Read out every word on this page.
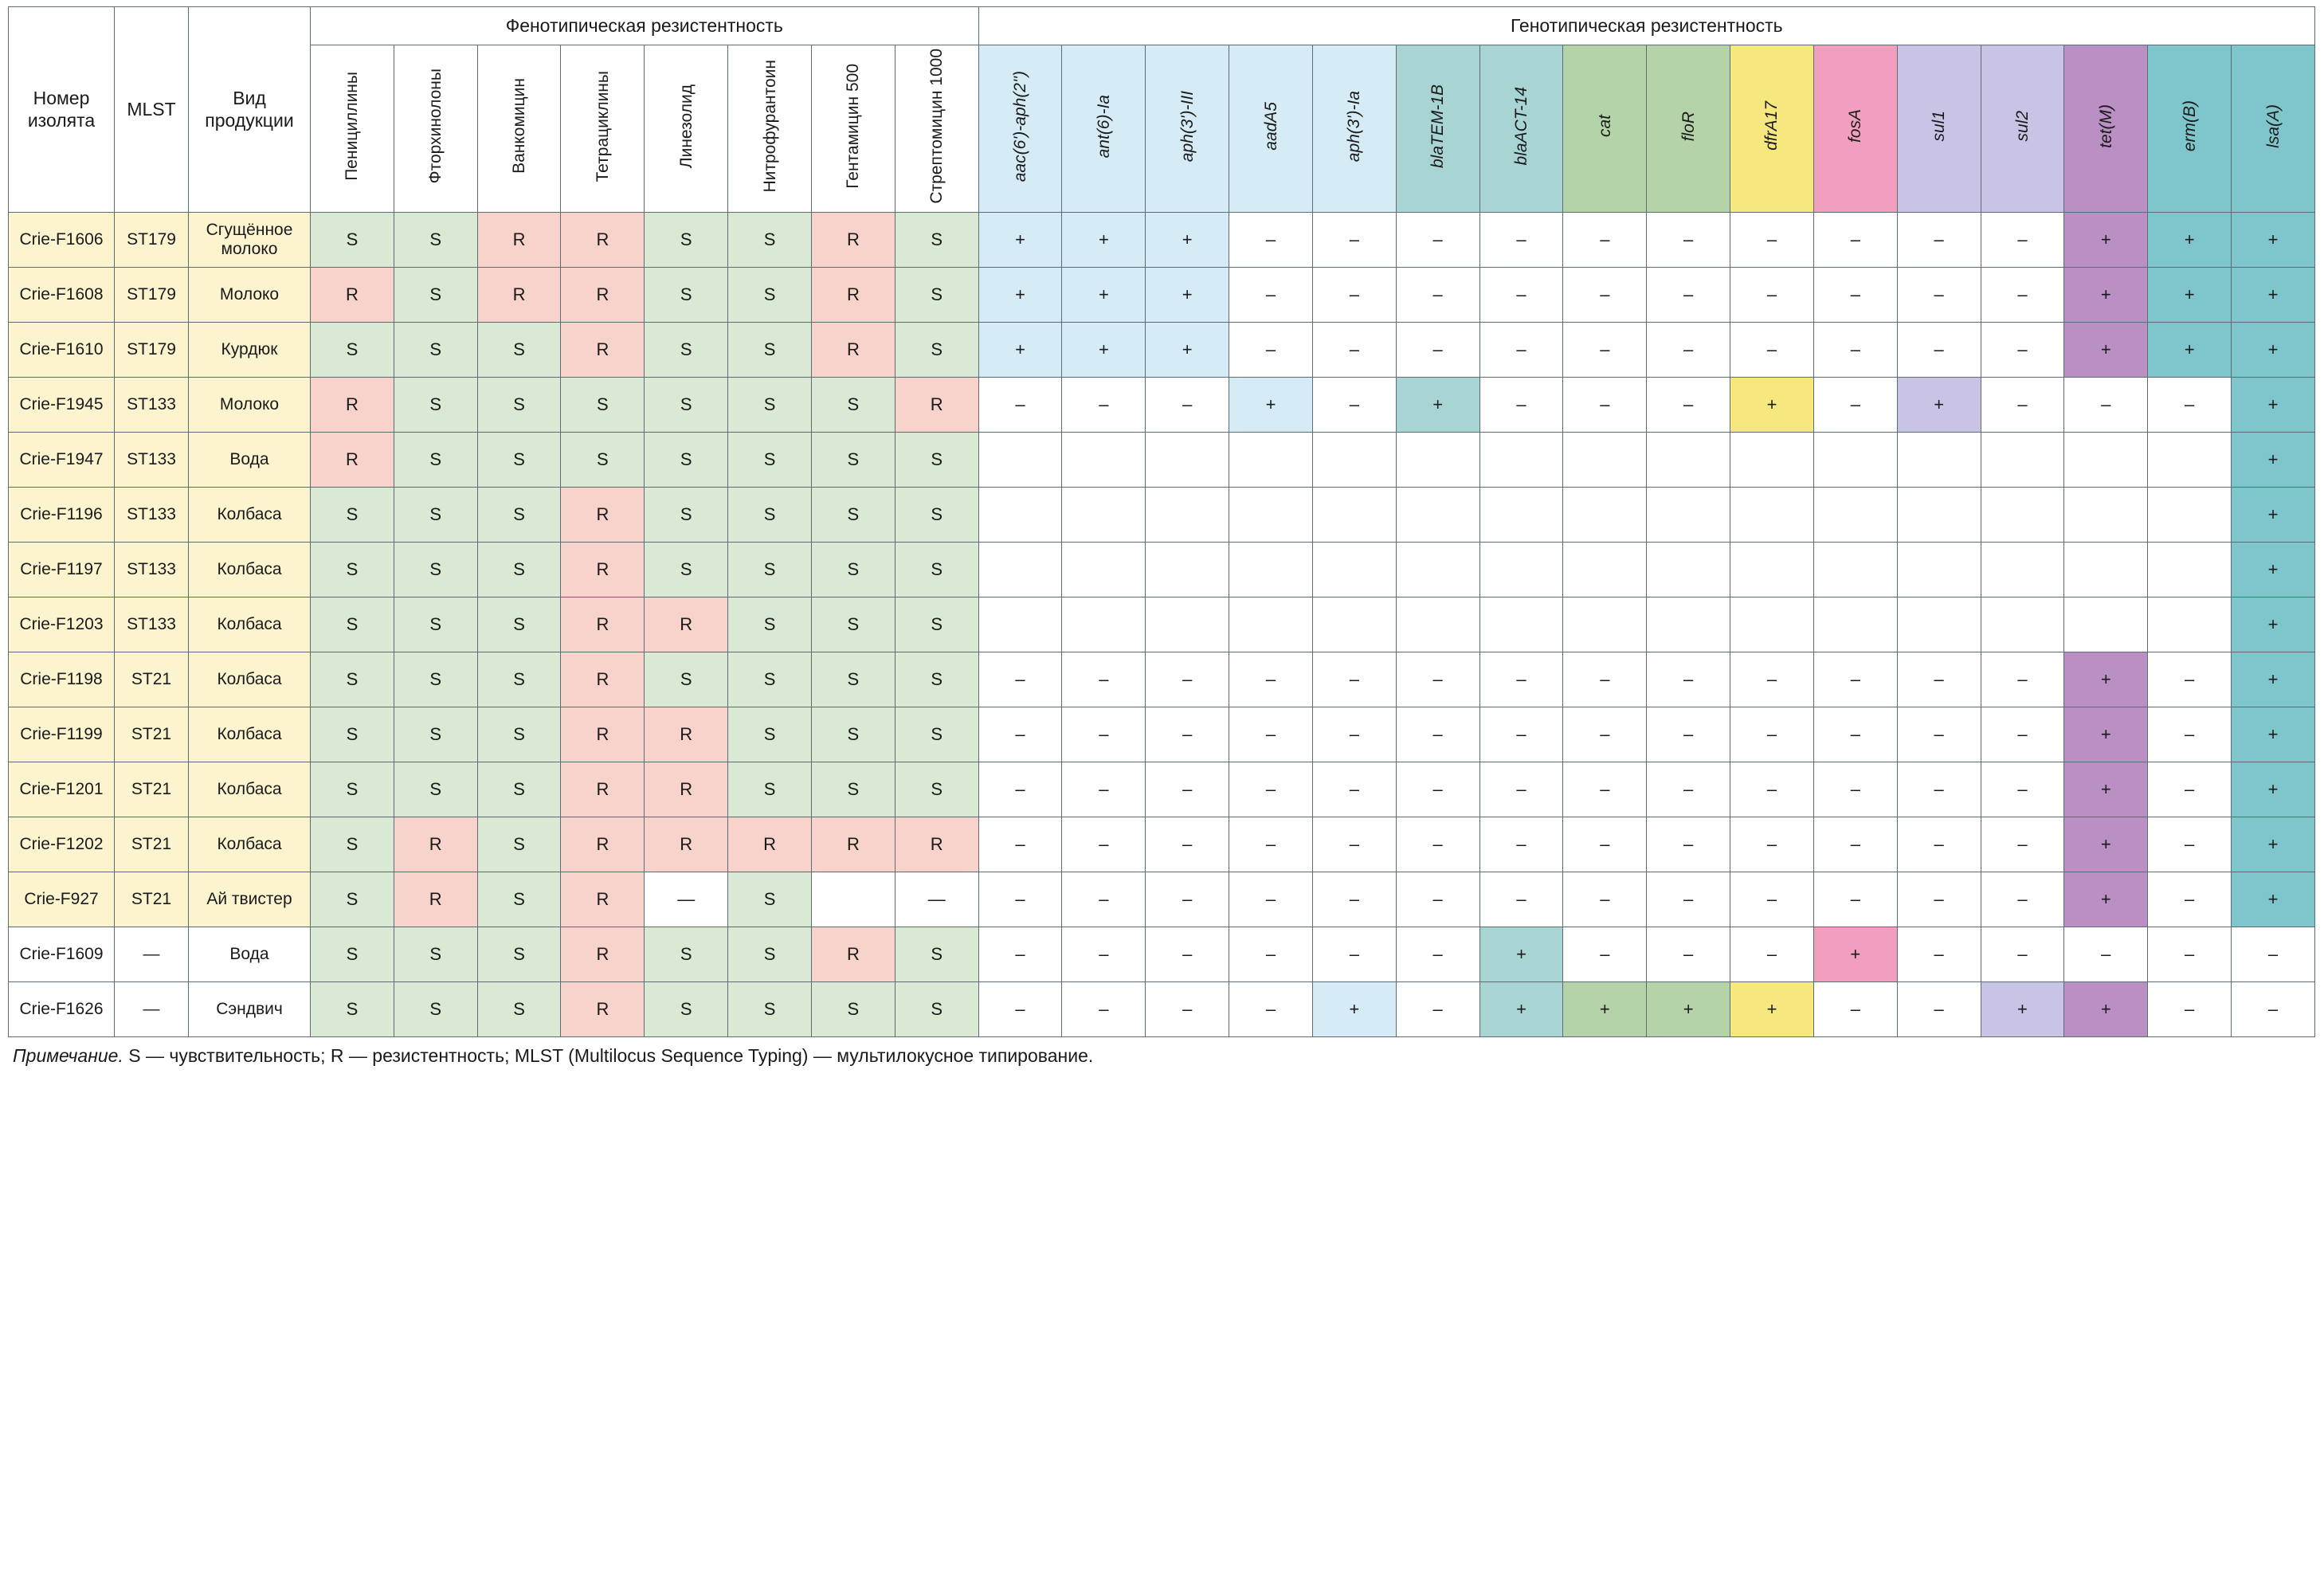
Номер
изолята	MLST	Вид продукции	Фенотипическая резистентность								Генотипическая резистентность															
			Пенициллины	Фторхинолоны	Ванкомицин	Тетрациклины	Линезолид	Нитрофурантоин	Гентамицин 500	Стрептомицин 1000	aac(6')-aph(2'')	ant(6)-Ia	aph(3')-III	aadA5	aph(3')-Ia	blaTEM-1B	blaACT-14	cat	floR	dfrA17	fosA	sul1	sul2	tet(M)	erm(B)	lsa(A)
Crie-F1606	ST179	Сгущённое молоко	S	S	R	R	S	S	R	S	+	+	+	–	–	–	–	–	–	–	–	–	–	+	+	+
Crie-F1608	ST179	Молоко	R	S	R	R	S	S	R	S	+	+	+	–	–	–	–	–	–	–	–	–	–	+	+	+
Crie-F1610	ST179	Курдюк	S	S	S	R	S	S	R	S	+	+	+	–	–	–	–	–	–	–	–	–	–	+	+	+
Crie-F1945	ST133	Молоко	R	S	S	S	S	S	S	R	–	–	–	+	–	+	–	–	–	+	–	+	–	–	–	+
Crie-F1947	ST133	Вода	R	S	S	S	S	S	S	S																+
Crie-F1196	ST133	Колбаса	S	S	S	R	S	S	S	S																+
Crie-F1197	ST133	Колбаса	S	S	S	R	S	S	S	S																+
Crie-F1203	ST133	Колбаса	S	S	S	R	R	S	S	S																+
Crie-F1198	ST21	Колбаса	S	S	S	R	S	S	S	S	–	–	–	–	–	–	–	–	–	–	–	–	–	+	–	+
Crie-F1199	ST21	Колбаса	S	S	S	R	R	S	S	S	–	–	–	–	–	–	–	–	–	–	–	–	–	+	–	+
Crie-F1201	ST21	Колбаса	S	S	S	R	R	S	S	S	–	–	–	–	–	–	–	–	–	–	–	–	–	+	–	+
Crie-F1202	ST21	Колбаса	S	R	S	R	R	R	R	R	–	–	–	–	–	–	–	–	–	–	–	–	–	+	–	+
Crie-F927	ST21	Ай твистер	S	R	S	R	—	S		—	–	–	–	–	–	–	–	–	–	–	–	–	–	+	–	+
Crie-F1609	—	Вода	S	S	S	R	S	S	R	S	–	–	–	–	–	–	+	–	–	–	+	–	–	–	–	–
Crie-F1626	—	Сэндвич	S	S	S	R	S	S	S	S	–	–	–	–	+	–	+	+	+	+	–	–	+	+	–	–
Примечание. S — чувствительность; R — резистентность; MLST (Multilocus Sequence Typing) — мультилокусное типирование.
